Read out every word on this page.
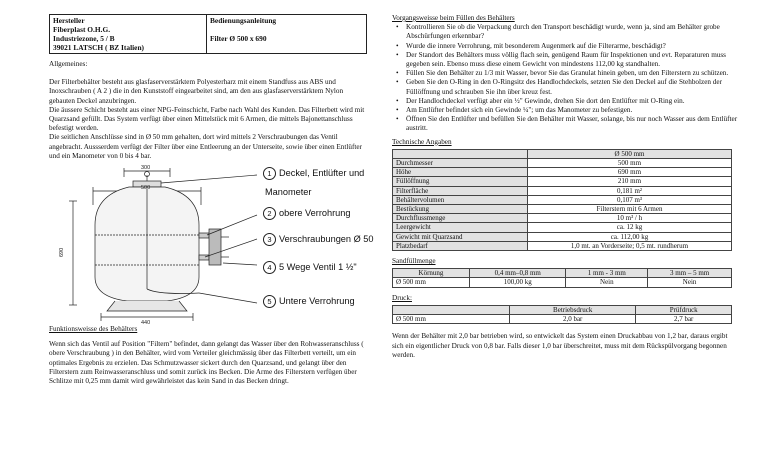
Hersteller
Fiberplast O.H.G.
Industriezone, 5 / B
39021 LATSCH ( BZ Italien)

Bedienungsanleitung
Filter Ø 500 x 690
Allgemeines:
Der Filterbehälter besteht aus glasfaserverstärktem Polyesterharz mit einem Standfuss aus ABS und Inoxschrauben ( A 2 ) die in den Kunststoff eingearbeitet sind, am den aus glasfaserverstärktem Nylon gebauten Deckel anzubringen.
Die äussere Schicht besteht aus einer NPG-Feinschicht, Farbe nach Wahl des Kunden. Das Filterbett wird mit Quarzsand gefüllt. Das System verfügt über einen Mittelstück mit 6 Armen, die mittels Bajonettanschluss befestigt werden.
Die seitlichen Anschlüsse sind in Ø 50 mm gehalten, dort wird mittels 2 Verschraubungen das Ventil angebracht. Aussserdem verfügt der Filter über eine Entleerung an der Unterseite, sowie über einen Entlüfter und ein Manometer von 0 bis 4 bar.
300
500
690
440
1 Deckel, Entlüfter und
Manometer
2 obere Verrohrung
3 Verschraubungen Ø 50
4 5 Wege Ventil 1 ½"
5 Untere Verrohrung
Funktionsweisse des Behälters
Wenn sich das Ventil auf Position "Filtern" befindet, dann gelangt das Wasser über den Rohwasseranschluss ( obere Verschraubung ) in den Behälter, wird vom Verteiler gleichmässig über das Filterbett verteilt, um ein optimales Ergebnis zu erzielen. Das Schmutzwasser sickert durch den Quarzsand, und gelangt über den Filterstern zum Reinwasseranschluss und somit zurück ins Becken. Die Arme des Filterstern verfügen über Schlitze mit 0,25 mm damit wird gewährleistet das kein Sand in das Becken dringt.
Vorgangsweisse beim Füllen des Behälters
• Kontrollieren Sie ob die Verpackung durch den Transport beschädigt wurde, wenn ja, sind am Behälter grobe Abschürfungen erkennbar?
• Wurde die innere Verrohrung, mit besonderem Augenmerk auf die Filterarme, beschädigt?
• Der Standort des Behälters muss völlig flach sein, genügend Raum für Inspektionen und evt. Reparaturen muss gegeben sein. Ebenso muss diese einem Gewicht von mindestens 112,00 kg standhalten.
• Füllen Sie den Behälter zu 1/3 mit Wasser, bevor Sie das Granulat hinein geben, um den Filterstern zu schützen.
• Geben Sie den O-Ring in den O-Ringsitz des Handlochdeckels, setzten Sie den Deckel auf die Stehbolzen der Füllöffnung und schrauben Sie ihn über kreuz fest.
• Der Handlochdeckel verfügt aber ein ½" Gewinde, drehen Sie dort den Entlüfter mit O-Ring ein.
• Am Entlüfter befindet sich ein Gewinde ¼"; um das Manometer zu befestigen.
• Öffnen Sie den Entlüfter und befüllen Sie den Behälter mit Wasser, solange, bis nur noch Wasser aus dem Entlüfter austritt.
Technische Angaben
	Ø 500 mm
Durchmesser	500 mm
Höhe	690 mm
Füllöffnung	210 mm
Filterfläche	0,181 m²
Behältervolumen	0,107 m³
Bestückung	Filterstern mit 6 Armen
Durchflussmenge	10 m³ / h
Leergewicht	ca. 12 kg
Gewicht mit Quarzsand	ca. 112,00 kg
Platzbedarf	1,0 mt. an Vorderseite; 0,5 mt. rundherum
Sandfüllmenge
Körnung	0,4 mm–0,8 mm	1 mm - 3 mm	3 mm – 5 mm
Ø 500 mm	100,00 kg	Nein	Nein
Druck:
	Betriebsdruck	Prüfdruck
Ø 500 mm	2,0 bar	2,7 bar
Wenn der Behälter mit 2,0 bar betrieben wird, so entwickelt das System einen Druckabbau von 1,2 bar, daraus ergibt sich ein eigentlicher Druck von 0,8 bar. Falls dieser 1,0 bar überschreitet, muss mit dem Rückspülvorgang begonnen werden.
